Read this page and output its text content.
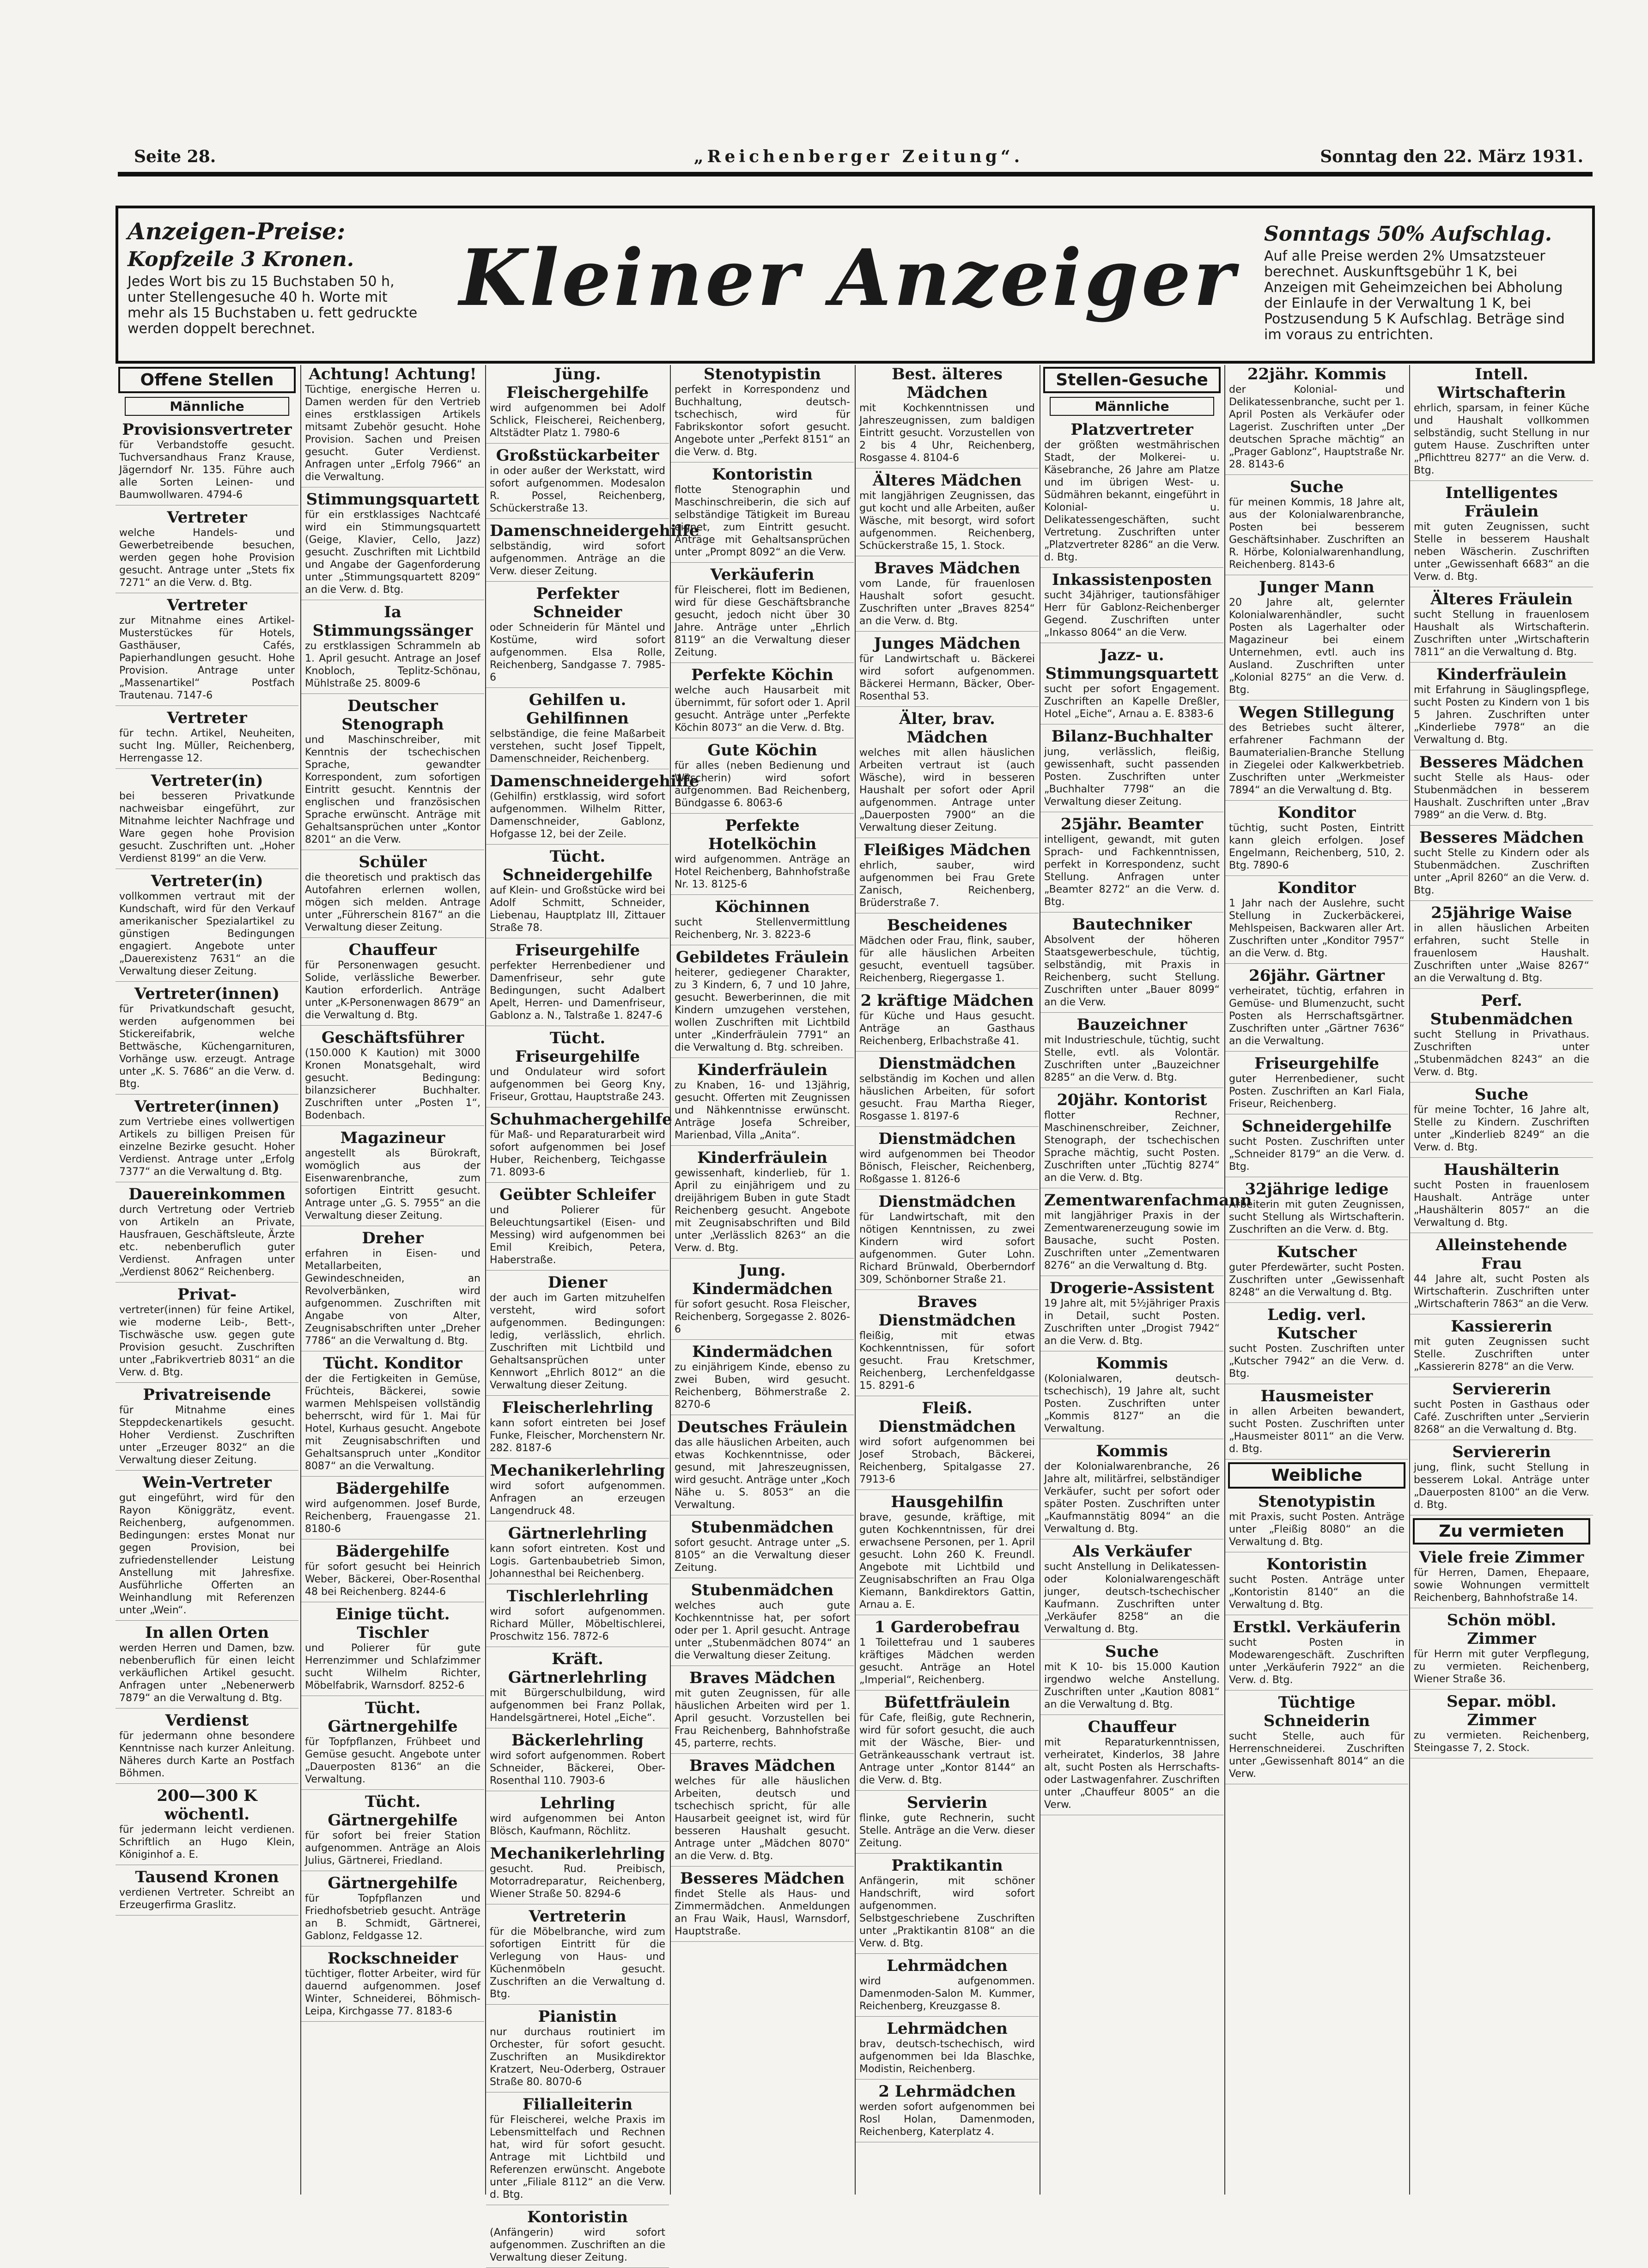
Seite 28.	„Reichenberger Zeitung“.	Sonntag den 22. März 1931.
Anzeigen-Preise:
Kopfzeile 3 Kronen.
Jedes Wort bis zu 15 Buchstaben 50 h, unter Stellengesuche 40 h. Worte mit mehr als 15 Buchstaben u. fett gedruckte werden doppelt berechnet.
Kleiner Anzeiger	Sonntags 50% Aufschlag.
Auf alle Preise werden 2% Umsatzsteuer berechnet. Auskunftsgebühr 1 K, bei Anzeigen mit Geheimzeichen bei Abholung der Einlaufe in der Verwaltung 1 K, bei Postzusendung 5 K Aufschlag. Beträge sind im voraus zu entrichten.
Offene Stellen
Männliche
Provisionsvertreter
für Verbandstoffe gesucht. Tuchversandhaus Franz Krause, Jägerndorf Nr. 135. Führe auch alle Sorten Leinen- und Baumwollwaren. 4794-6
Vertreter
welche Handels- und Gewerbetreibende besuchen, werden gegen hohe Provision gesucht. Antrage unter „Stets fix 7271“ an die Verw. d. Btg.
Vertreter
zur Mitnahme eines Artikel-Musterstückes für Hotels, Gasthäuser, Cafés, Papierhandlungen gesucht. Hohe Provision. Antrage unter „Massenartikel“ Postfach Trautenau. 7147-6
Vertreter
für techn. Artikel, Neuheiten, sucht Ing. Müller, Reichenberg, Herrengasse 12.
Vertreter(in)
bei besseren Privatkunde nachweisbar eingeführt, zur Mitnahme leichter Nachfrage und Ware gegen hohe Provision gesucht. Zuschriften unt. „Hoher Verdienst 8199“ an die Verw.
Vertreter(in)
vollkommen vertraut mit der Kundschaft, wird für den Verkauf amerikanischer Spezialartikel zu günstigen Bedingungen engagiert. Angebote unter „Dauerexistenz 7631“ an die Verwaltung dieser Zeitung.
Vertreter(innen)
für Privatkundschaft gesucht, werden aufgenommen bei Stickereifabrik, welche Bettwäsche, Küchengarnituren, Vorhänge usw. erzeugt. Antrage unter „K. S. 7686“ an die Verw. d. Btg.
Vertreter(innen)
zum Vertriebe eines vollwertigen Artikels zu billigen Preisen für einzelne Bezirke gesucht. Hoher Verdienst. Antrage unter „Erfolg 7377“ an die Verwaltung d. Btg.
Dauereinkommen
durch Vertretung oder Vertrieb von Artikeln an Private, Hausfrauen, Geschäftsleute, Ärzte etc. nebenberuflich guter Verdienst. Anfragen unter „Verdienst 8062“ Reichenberg.
Privat-
vertreter(innen) für feine Artikel, wie moderne Leib-, Bett-, Tischwäsche usw. gegen gute Provision gesucht. Zuschriften unter „Fabrikvertrieb 8031“ an die Verw. d. Btg.
Privatreisende
für Mitnahme eines Steppdeckenartikels gesucht. Hoher Verdienst. Zuschriften unter „Erzeuger 8032“ an die Verwaltung dieser Zeitung.
Wein-Vertreter
gut eingeführt, wird für den Rayon Königgrätz, event. Reichenberg, aufgenommen. Bedingungen: erstes Monat nur gegen Provision, bei zufriedenstellender Leistung Anstellung mit Jahresfixe. Ausführliche Offerten an Weinhandlung mit Referenzen unter „Wein“.
In allen Orten
werden Herren und Damen, bzw. nebenberuflich für einen leicht verkäuflichen Artikel gesucht. Anfragen unter „Nebenerwerb 7879“ an die Verwaltung d. Btg.
Verdienst
für jedermann ohne besondere Kenntnisse nach kurzer Anleitung. Näheres durch Karte an Postfach Böhmen.
200—300 K wöchentl.
für jedermann leicht verdienen. Schriftlich an Hugo Klein, Königinhof a. E.
Tausend Kronen
verdienen Vertreter. Schreibt an Erzeugerfirma Graslitz.
Achtung! Achtung!
Tüchtige, energische Herren u. Damen werden für den Vertrieb eines erstklassigen Artikels mitsamt Zubehör gesucht. Hohe Provision. Sachen und Preisen gesucht. Guter Verdienst. Anfragen unter „Erfolg 7966“ an die Verwaltung.
Stimmungsquartett
für ein erstklassiges Nachtcafé wird ein Stimmungsquartett (Geige, Klavier, Cello, Jazz) gesucht. Zuschriften mit Lichtbild und Angabe der Gagenforderung unter „Stimmungsquartett 8209“ an die Verw. d. Btg.
Ia Stimmungssänger
zu erstklassigen Schrammeln ab 1. April gesucht. Antrage an Josef Knobloch, Teplitz-Schönau, Mühlstraße 25. 8009-6
Deutscher Stenograph
und Maschinschreiber, mit Kenntnis der tschechischen Sprache, gewandter Korrespondent, zum sofortigen Eintritt gesucht. Kenntnis der englischen und französischen Sprache erwünscht. Anträge mit Gehaltsansprüchen unter „Kontor 8201“ an die Verw.
Schüler
die theoretisch und praktisch das Autofahren erlernen wollen, mögen sich melden. Antrage unter „Führerschein 8167“ an die Verwaltung dieser Zeitung.
Chauffeur
für Personenwagen gesucht. Solide, verlässliche Bewerber. Kaution erforderlich. Anträge unter „K-Personenwagen 8679“ an die Verwaltung d. Btg.
Geschäftsführer
(150.000 K Kaution) mit 3000 Kronen Monatsgehalt, wird gesucht. Bedingung: bilanzsicherer Buchhalter. Zuschriften unter „Posten 1“, Bodenbach.
Magazineur
angestellt als Bürokraft, womöglich aus der Eisenwarenbranche, zum sofortigen Eintritt gesucht. Antrage unter „G. S. 7955“ an die Verwaltung dieser Zeitung.
Dreher
erfahren in Eisen- und Metallarbeiten, Gewindeschneiden, an Revolverbänken, wird aufgenommen. Zuschriften mit Angabe von Alter, Zeugnisabschriften unter „Dreher 7786“ an die Verwaltung d. Btg.
Tücht. Konditor
der die Fertigkeiten in Gemüse, Früchteis, Bäckerei, sowie warmen Mehlspeisen vollständig beherrscht, wird für 1. Mai für Hotel, Kurhaus gesucht. Angebote mit Zeugnisabschriften und Gehaltsanspruch unter „Konditor 8087“ an die Verwaltung.
Bädergehilfe
wird aufgenommen. Josef Burde, Reichenberg, Frauengasse 21. 8180-6
Bädergehilfe
für sofort gesucht bei Heinrich Weber, Bäckerei, Ober-Rosenthal 48 bei Reichenberg. 8244-6
Einige tücht. Tischler
und Polierer für gute Herrenzimmer und Schlafzimmer sucht Wilhelm Richter, Möbelfabrik, Warnsdorf. 8252-6
Tücht. Gärtnergehilfe
für Topfpflanzen, Frühbeet und Gemüse gesucht. Angebote unter „Dauerposten 8136“ an die Verwaltung.
Tücht. Gärtnergehilfe
für sofort bei freier Station aufgenommen. Anträge an Alois Julius, Gärtnerei, Friedland.
Gärtnergehilfe
für Topfpflanzen und Friedhofsbetrieb gesucht. Anträge an B. Schmidt, Gärtnerei, Gablonz, Feldgasse 12.
Rockschneider
tüchtiger, flotter Arbeiter, wird für dauernd aufgenommen. Josef Winter, Schneiderei, Böhmisch-Leipa, Kirchgasse 77. 8183-6
Jüng. Fleischergehilfe
wird aufgenommen bei Adolf Schlick, Fleischerei, Reichenberg, Altstädter Platz 1. 7980-6
Großstückarbeiter
in oder außer der Werkstatt, wird sofort aufgenommen. Modesalon R. Possel, Reichenberg, Schückerstraße 13.
Damenschneidergehilfe
selbständig, wird sofort aufgenommen. Anträge an die Verw. dieser Zeitung.
Perfekter Schneider
oder Schneiderin für Mäntel und Kostüme, wird sofort aufgenommen. Elsa Rolle, Reichenberg, Sandgasse 7. 7985-6
Gehilfen u. Gehilfinnen
selbständige, die feine Maßarbeit verstehen, sucht Josef Tippelt, Damenschneider, Reichenberg.
Damenschneidergehilfe
(Gehilfin) erstklassig, wird sofort aufgenommen. Wilhelm Ritter, Damenschneider, Gablonz, Hofgasse 12, bei der Zeile.
Tücht. Schneidergehilfe
auf Klein- und Großstücke wird bei Adolf Schmitt, Schneider, Liebenau, Hauptplatz III, Zittauer Straße 78.
Friseurgehilfe
perfekter Herrenbediener und Damenfriseur, sehr gute Bedingungen, sucht Adalbert Apelt, Herren- und Damenfriseur, Gablonz a. N., Talstraße 1. 8247-6
Tücht. Friseurgehilfe
und Ondulateur wird sofort aufgenommen bei Georg Kny, Friseur, Grottau, Hauptstraße 243.
Schuhmachergehilfe
für Maß- und Reparaturarbeit wird sofort aufgenommen bei Josef Huber, Reichenberg, Teichgasse 71. 8093-6
Geübter Schleifer
und Polierer für Beleuchtungsartikel (Eisen- und Messing) wird aufgenommen bei Emil Kreibich, Petera, Haberstraße.
Diener
der auch im Garten mitzuhelfen versteht, wird sofort aufgenommen. Bedingungen: ledig, verlässlich, ehrlich. Zuschriften mit Lichtbild und Gehaltsansprüchen unter Kennwort „Ehrlich 8012“ an die Verwaltung dieser Zeitung.
Fleischerlehrling
kann sofort eintreten bei Josef Funke, Fleischer, Morchenstern Nr. 282. 8187-6
Mechanikerlehrling
wird sofort aufgenommen. Anfragen an erzeugen Langendruck 48.
Gärtnerlehrling
kann sofort eintreten. Kost und Logis. Gartenbaubetrieb Simon, Johannesthal bei Reichenberg.
Tischlerlehrling
wird sofort aufgenommen. Richard Müller, Möbeltischlerei, Proschwitz 156. 7872-6
Kräft. Gärtnerlehrling
mit Bürgerschulbildung, wird aufgenommen bei Franz Pollak, Handelsgärtnerei, Hotel „Eiche“.
Bäckerlehrling
wird sofort aufgenommen. Robert Schneider, Bäckerei, Ober-Rosenthal 110. 7903-6
Lehrling
wird aufgenommen bei Anton Blösch, Kaufmann, Röchlitz.
Mechanikerlehrling
gesucht. Rud. Preibisch, Motorradreparatur, Reichenberg, Wiener Straße 50. 8294-6
Vertreterin
für die Möbelbranche, wird zum sofortigen Eintritt für die Verlegung von Haus- und Küchenmöbeln gesucht. Zuschriften an die Verwaltung d. Btg.
Pianistin
nur durchaus routiniert im Orchester, für sofort gesucht. Zuschriften an Musikdirektor Kratzert, Neu-Oderberg, Ostrauer Straße 80. 8070-6
Filialleiterin
für Fleischerei, welche Praxis im Lebensmittelfach und Rechnen hat, wird für sofort gesucht. Antrage mit Lichtbild und Referenzen erwünscht. Angebote unter „Filiale 8112“ an die Verw. d. Btg.
Kontoristin
(Anfängerin) wird sofort aufgenommen. Zuschriften an die Verwaltung dieser Zeitung.
Stenotypistin
perfekt in Korrespondenz und Buchhaltung, deutsch-tschechisch, wird für Fabrikskontor sofort gesucht. Angebote unter „Perfekt 8151“ an die Verw. d. Btg.
Kontoristin
flotte Stenographin und Maschinschreiberin, die sich auf selbständige Tätigkeit im Bureau eignet, zum Eintritt gesucht. Anträge mit Gehaltsansprüchen unter „Prompt 8092“ an die Verw.
Verkäuferin
für Fleischerei, flott im Bedienen, wird für diese Geschäftsbranche gesucht, jedoch nicht über 30 Jahre. Anträge unter „Ehrlich 8119“ an die Verwaltung dieser Zeitung.
Perfekte Köchin
welche auch Hausarbeit mit übernimmt, für sofort oder 1. April gesucht. Anträge unter „Perfekte Köchin 8073“ an die Verw. d. Btg.
Gute Köchin
für alles (neben Bedienung und Wäscherin) wird sofort aufgenommen. Bad Reichenberg, Bündgasse 6. 8063-6
Perfekte Hotelköchin
wird aufgenommen. Anträge an Hotel Reichenberg, Bahnhofstraße Nr. 13. 8125-6
Köchinnen
sucht Stellenvermittlung Reichenberg, Nr. 3. 8223-6
Gebildetes Fräulein
heiterer, gediegener Charakter, zu 3 Kindern, 6, 7 und 10 Jahre, gesucht. Bewerberinnen, die mit Kindern umzugehen verstehen, wollen Zuschriften mit Lichtbild unter „Kinderfräulein 7791“ an die Verwaltung d. Btg. schreiben.
Kinderfräulein
zu Knaben, 16- und 13jährig, gesucht. Offerten mit Zeugnissen und Nähkenntnisse erwünscht. Anträge Josefa Schreiber, Marienbad, Villa „Anita“.
Kinderfräulein
gewissenhaft, kinderlieb, für 1. April zu einjährigem und zu dreijährigem Buben in gute Stadt Reichenberg gesucht. Angebote mit Zeugnisabschriften und Bild unter „Verlässlich 8263“ an die Verw. d. Btg.
Jung. Kindermädchen
für sofort gesucht. Rosa Fleischer, Reichenberg, Sorgegasse 2. 8026-6
Kindermädchen
zu einjährigem Kinde, ebenso zu zwei Buben, wird gesucht. Reichenberg, Böhmerstraße 2. 8270-6
Deutsches Fräulein
das alle häuslichen Arbeiten, auch etwas Kochkenntnisse, oder gesund, mit Jahreszeugnissen, wird gesucht. Anträge unter „Koch Nähe u. S. 8053“ an die Verwaltung.
Stubenmädchen
sofort gesucht. Antrage unter „S. 8105“ an die Verwaltung dieser Zeitung.
Stubenmädchen
welches auch gute Kochkenntnisse hat, per sofort oder per 1. April gesucht. Antrage unter „Stubenmädchen 8074“ an die Verwaltung dieser Zeitung.
Braves Mädchen
mit guten Zeugnissen, für alle häuslichen Arbeiten wird per 1. April gesucht. Vorzustellen bei Frau Reichenberg, Bahnhofstraße 45, parterre, rechts.
Braves Mädchen
welches für alle häuslichen Arbeiten, deutsch und tschechisch spricht, für alle Hausarbeit geeignet ist, wird für besseren Haushalt gesucht. Antrage unter „Mädchen 8070“ an die Verw. d. Btg.
Besseres Mädchen
findet Stelle als Haus- und Zimmermädchen. Anmeldungen an Frau Waik, Hausl, Warnsdorf, Hauptstraße.
Best. älteres Mädchen
mit Kochkenntnissen und Jahreszeugnissen, zum baldigen Eintritt gesucht. Vorzustellen von 2 bis 4 Uhr, Reichenberg, Rosgasse 4. 8104-6
Älteres Mädchen
mit langjährigen Zeugnissen, das gut kocht und alle Arbeiten, außer Wäsche, mit besorgt, wird sofort aufgenommen. Reichenberg, Schückerstraße 15, 1. Stock.
Braves Mädchen
vom Lande, für frauenlosen Haushalt sofort gesucht. Zuschriften unter „Braves 8254“ an die Verw. d. Btg.
Junges Mädchen
für Landwirtschaft u. Bäckerei wird sofort aufgenommen. Bäckerei Hermann, Bäcker, Ober-Rosenthal 53.
Älter, brav. Mädchen
welches mit allen häuslichen Arbeiten vertraut ist (auch Wäsche), wird in besseren Haushalt per sofort oder April aufgenommen. Antrage unter „Dauerposten 7900“ an die Verwaltung dieser Zeitung.
Fleißiges Mädchen
ehrlich, sauber, wird aufgenommen bei Frau Grete Zanisch, Reichenberg, Brüderstraße 7.
Bescheidenes
Mädchen oder Frau, flink, sauber, für alle häuslichen Arbeiten gesucht, eventuell tagsüber. Reichenberg, Riegergasse 1.
2 kräftige Mädchen
für Küche und Haus gesucht. Anträge an Gasthaus Reichenberg, Erlbachstraße 41.
Dienstmädchen
selbständig im Kochen und allen häuslichen Arbeiten, für sofort gesucht. Frau Martha Rieger, Rosgasse 1. 8197-6
Dienstmädchen
wird aufgenommen bei Theodor Bönisch, Fleischer, Reichenberg, Roßgasse 1. 8126-6
Dienstmädchen
für Landwirtschaft, mit den nötigen Kenntnissen, zu zwei Kindern wird sofort aufgenommen. Guter Lohn. Richard Brünwald, Oberberndorf 309, Schönborner Straße 21.
Braves Dienstmädchen
fleißig, mit etwas Kochkenntnissen, für sofort gesucht. Frau Kretschmer, Reichenberg, Lerchenfeldgasse 15. 8291-6
Fleiß. Dienstmädchen
wird sofort aufgenommen bei Josef Strobach, Bäckerei, Reichenberg, Spitalgasse 27. 7913-6
Hausgehilfin
brave, gesunde, kräftige, mit guten Kochkenntnissen, für drei erwachsene Personen, per 1. April gesucht. Lohn 260 K. Freundl. Angebote mit Lichtbild und Zeugnisabschriften an Frau Olga Kiemann, Bankdirektors Gattin, Arnau a. E.
1 Garderobefrau
1 Toilettefrau und 1 sauberes kräftiges Mädchen werden gesucht. Anträge an Hotel „Imperial“, Reichenberg.
Büfettfräulein
für Cafe, fleißig, gute Rechnerin, wird für sofort gesucht, die auch mit der Wäsche, Bier- und Getränkeausschank vertraut ist. Antrage unter „Kontor 8144“ an die Verw. d. Btg.
Servierin
flinke, gute Rechnerin, sucht Stelle. Anträge an die Verw. dieser Zeitung.
Praktikantin
Anfängerin, mit schöner Handschrift, wird sofort aufgenommen. Selbstgeschriebene Zuschriften unter „Praktikantin 8108“ an die Verw. d. Btg.
Lehrmädchen
wird aufgenommen. Damenmoden-Salon M. Kummer, Reichenberg, Kreuzgasse 8.
Lehrmädchen
brav, deutsch-tschechisch, wird aufgenommen bei Ida Blaschke, Modistin, Reichenberg.
2 Lehrmädchen
werden sofort aufgenommen bei Rosl Holan, Damenmoden, Reichenberg, Katerplatz 4.
Stellen-Gesuche
Männliche
Platzvertreter
der größten westmährischen Stadt, der Molkerei- u. Käsebranche, 26 Jahre am Platze und im übrigen West- u. Südmähren bekannt, eingeführt in Kolonial- u. Delikatessengeschäften, sucht Vertretung. Zuschriften unter „Platzvertreter 8286“ an die Verw. d. Btg.
Inkassistenposten
sucht 34jähriger, tautionsfähiger Herr für Gablonz-Reichenberger Gegend. Zuschriften unter „Inkasso 8064“ an die Verw.
Jazz- u. Stimmungsquartett
sucht per sofort Engagement. Zuschriften an Kapelle Dreßler, Hotel „Eiche“, Arnau a. E. 8383-6
Bilanz-Buchhalter
jung, verlässlich, fleißig, gewissenhaft, sucht passenden Posten. Zuschriften unter „Buchhalter 7798“ an die Verwaltung dieser Zeitung.
25jähr. Beamter
intelligent, gewandt, mit guten Sprach- und Fachkenntnissen, perfekt in Korrespondenz, sucht Stellung. Anfragen unter „Beamter 8272“ an die Verw. d. Btg.
Bautechniker
Absolvent der höheren Staatsgewerbeschule, tüchtig, selbständig, mit Praxis in Reichenberg, sucht Stellung. Zuschriften unter „Bauer 8099“ an die Verw.
Bauzeichner
mit Industrieschule, tüchtig, sucht Stelle, evtl. als Volontär. Zuschriften unter „Bauzeichner 8285“ an die Verw. d. Btg.
20jähr. Kontorist
flotter Rechner, Maschinenschreiber, Zeichner, Stenograph, der tschechischen Sprache mächtig, sucht Posten. Zuschriften unter „Tüchtig 8274“ an die Verw. d. Btg.
Zementwarenfachmann
mit langjähriger Praxis in der Zementwarenerzeugung sowie im Bausache, sucht Posten. Zuschriften unter „Zementwaren 8276“ an die Verwaltung d. Btg.
Drogerie-Assistent
19 Jahre alt, mit 5½jähriger Praxis in Detail, sucht Posten. Zuschriften unter „Drogist 7942“ an die Verw. d. Btg.
Kommis
(Kolonialwaren, deutsch-tschechisch), 19 Jahre alt, sucht Posten. Zuschriften unter „Kommis 8127“ an die Verwaltung.
Kommis
der Kolonialwarenbranche, 26 Jahre alt, militärfrei, selbständiger Verkäufer, sucht per sofort oder später Posten. Zuschriften unter „Kaufmannstätig 8094“ an die Verwaltung d. Btg.
Als Verkäufer
sucht Anstellung in Delikatessen- oder Kolonialwarengeschäft junger, deutsch-tschechischer Kaufmann. Zuschriften unter „Verkäufer 8258“ an die Verwaltung d. Btg.
Suche
mit K 10- bis 15.000 Kaution irgendwo welche Anstellung. Zuschriften unter „Kaution 8081“ an die Verwaltung d. Btg.
Chauffeur
mit Reparaturkenntnissen, verheiratet, Kinderlos, 38 Jahre alt, sucht Posten als Herrschafts- oder Lastwagenfahrer. Zuschriften unter „Chauffeur 8005“ an die Verw.
22jähr. Kommis
der Kolonial- und Delikatessenbranche, sucht per 1. April Posten als Verkäufer oder Lagerist. Zuschriften unter „Der deutschen Sprache mächtig“ an „Prager Gablonz“, Hauptstraße Nr. 28. 8143-6
Suche
für meinen Kommis, 18 Jahre alt, aus der Kolonialwarenbranche, Posten bei besserem Geschäftsinhaber. Zuschriften an R. Hörbe, Kolonialwarenhandlung, Reichenberg. 8143-6
Junger Mann
20 Jahre alt, gelernter Kolonialwarenhändler, sucht Posten als Lagerhalter oder Magazineur bei einem Unternehmen, evtl. auch ins Ausland. Zuschriften unter „Kolonial 8275“ an die Verw. d. Btg.
Wegen Stillegung
des Betriebes sucht älterer, erfahrener Fachmann der Baumaterialien-Branche Stellung in Ziegelei oder Kalkwerkbetrieb. Zuschriften unter „Werkmeister 7894“ an die Verwaltung d. Btg.
Konditor
tüchtig, sucht Posten, Eintritt kann gleich erfolgen. Josef Engelmann, Reichenberg, 510, 2. Btg. 7890-6
Konditor
1 Jahr nach der Auslehre, sucht Stellung in Zuckerbäckerei, Mehlspeisen, Backwaren aller Art. Zuschriften unter „Konditor 7957“ an die Verw. d. Btg.
26jähr. Gärtner
verheiratet, tüchtig, erfahren in Gemüse- und Blumenzucht, sucht Posten als Herrschaftsgärtner. Zuschriften unter „Gärtner 7636“ an die Verwaltung.
Friseurgehilfe
guter Herrenbediener, sucht Posten. Zuschriften an Karl Fiala, Friseur, Reichenberg.
Schneidergehilfe
sucht Posten. Zuschriften unter „Schneider 8179“ an die Verw. d. Btg.
32jährige ledige
Arbeiterin mit guten Zeugnissen, sucht Stellung als Wirtschafterin. Zuschriften an die Verw. d. Btg.
Kutscher
guter Pferdewärter, sucht Posten. Zuschriften unter „Gewissenhaft 8248“ an die Verwaltung d. Btg.
Ledig. verl. Kutscher
sucht Posten. Zuschriften unter „Kutscher 7942“ an die Verw. d. Btg.
Hausmeister
in allen Arbeiten bewandert, sucht Posten. Zuschriften unter „Hausmeister 8011“ an die Verw. d. Btg.
Weibliche
Stenotypistin
mit Praxis, sucht Posten. Anträge unter „Fleißig 8080“ an die Verwaltung d. Btg.
Kontoristin
sucht Posten. Anträge unter „Kontoristin 8140“ an die Verwaltung d. Btg.
Erstkl. Verkäuferin
sucht Posten in Modewarengeschäft. Zuschriften unter „Verkäuferin 7922“ an die Verw. d. Btg.
Tüchtige Schneiderin
sucht Stelle, auch für Herrenschneiderei. Zuschriften unter „Gewissenhaft 8014“ an die Verw.
Intell. Wirtschafterin
ehrlich, sparsam, in feiner Küche und Haushalt vollkommen selbständig, sucht Stellung in nur gutem Hause. Zuschriften unter „Pflichttreu 8277“ an die Verw. d. Btg.
Intelligentes Fräulein
mit guten Zeugnissen, sucht Stelle in besserem Haushalt neben Wäscherin. Zuschriften unter „Gewissenhaft 6683“ an die Verw. d. Btg.
Älteres Fräulein
sucht Stellung in frauenlosem Haushalt als Wirtschafterin. Zuschriften unter „Wirtschafterin 7811“ an die Verwaltung d. Btg.
Kinderfräulein
mit Erfahrung in Säuglingspflege, sucht Posten zu Kindern von 1 bis 5 Jahren. Zuschriften unter „Kinderliebe 7978“ an die Verwaltung d. Btg.
Besseres Mädchen
sucht Stelle als Haus- oder Stubenmädchen in besserem Haushalt. Zuschriften unter „Brav 7989“ an die Verw. d. Btg.
Besseres Mädchen
sucht Stelle zu Kindern oder als Stubenmädchen. Zuschriften unter „April 8260“ an die Verw. d. Btg.
25jährige Waise
in allen häuslichen Arbeiten erfahren, sucht Stelle in frauenlosem Haushalt. Zuschriften unter „Waise 8267“ an die Verwaltung d. Btg.
Perf. Stubenmädchen
sucht Stellung in Privathaus. Zuschriften unter „Stubenmädchen 8243“ an die Verw. d. Btg.
Suche
für meine Tochter, 16 Jahre alt, Stelle zu Kindern. Zuschriften unter „Kinderlieb 8249“ an die Verw. d. Btg.
Haushälterin
sucht Posten in frauenlosem Haushalt. Anträge unter „Haushälterin 8057“ an die Verwaltung d. Btg.
Alleinstehende Frau
44 Jahre alt, sucht Posten als Wirtschafterin. Zuschriften unter „Wirtschafterin 7863“ an die Verw.
Kassiererin
mit guten Zeugnissen sucht Stelle. Zuschriften unter „Kassiererin 8278“ an die Verw.
Serviererin
sucht Posten in Gasthaus oder Café. Zuschriften unter „Servierin 8268“ an die Verwaltung d. Btg.
Serviererin
jung, flink, sucht Stellung in besserem Lokal. Anträge unter „Dauerposten 8100“ an die Verw. d. Btg.
Zu vermieten
Viele freie Zimmer
für Herren, Damen, Ehepaare, sowie Wohnungen vermittelt Reichenberg, Bahnhofstraße 14.
Schön möbl. Zimmer
für Herrn mit guter Verpflegung, zu vermieten. Reichenberg, Wiener Straße 36.
Separ. möbl. Zimmer
zu vermieten. Reichenberg, Steingasse 7, 2. Stock.
